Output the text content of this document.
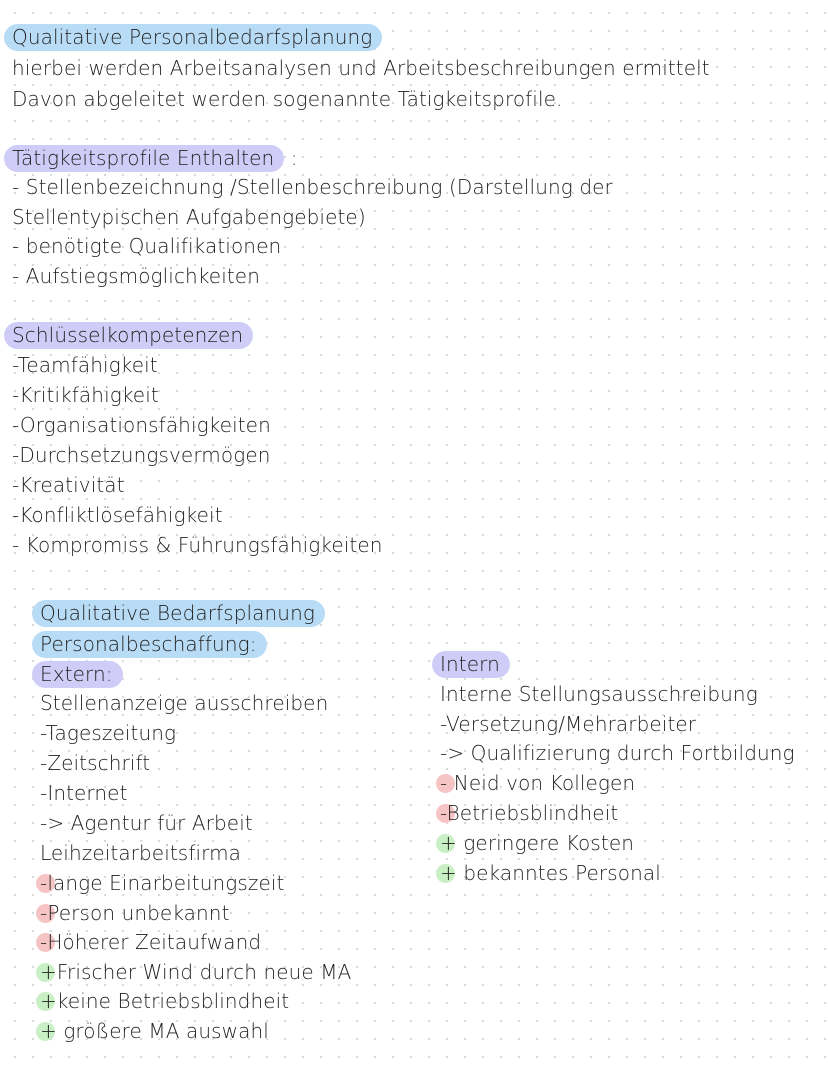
Qualitative Personalbedarfsplanung
hierbei werden Arbeitsanalysen und Arbeitsbeschreibungen ermittelt
Davon abgeleitet werden sogenannte Tätigkeitsprofile.
Tätigkeitsprofile Enthalten :
- Stellenbezeichnung /Stellenbeschreibung (Darstellung der
Stellentypischen Aufgabengebiete)
- benötigte Qualifikationen
- Aufstiegsmöglichkeiten
Schlüsselkompetenzen
-Teamfähigkeit
-Kritikfähigkeit
-Organisationsfähigkeiten
-Durchsetzungsvermögen
-Kreativität
-Konfliktlösefähigkeit
- Kompromiss & Führungsfähigkeiten
Qualitative Bedarfsplanung
Personalbeschaffung:
Extern:
Stellenanzeige ausschreiben
-Tageszeitung
-Zeitschrift
-Internet
-> Agentur für Arbeit
Leihzeitarbeitsfirma
-lange Einarbeitungszeit
-Person unbekannt
-Höherer Zeitaufwand
+Frischer Wind durch neue MA
+keine Betriebsblindheit
+ größere MA auswahl
Intern
Interne Stellungsausschreibung
-Versetzung/Mehrarbeiter
-> Qualifizierung durch Fortbildung
- Neid von Kollegen
-Betriebsblindheit
+ geringere Kosten
+ bekanntes Personal
